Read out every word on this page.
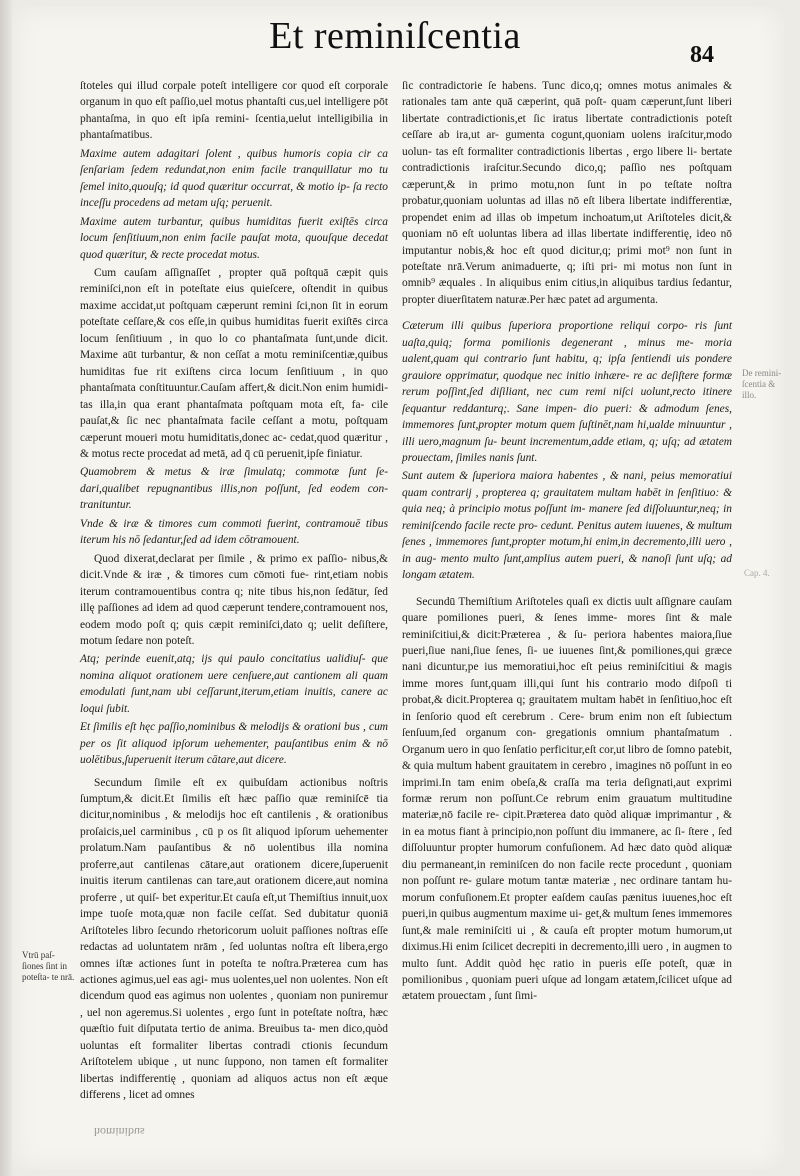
Et reminiſcentia	84

ſtoteles qui illud corpale poteſt intelligere cor quod eſt corporale organum in quo eſt paſſio,uel motus phantaſti cus,uel intelligere pōt phantaſma, in quo eſt ipſa remini- ſcentia,uelut intelligibilia in phantaſmatibus.

Maxime autem adagitari ſolent , quibus humoris copia cir ca ſenſariam ſedem redundat,non enim facile tranquillatur mo tu ſemel inito,quouſq; id quod quæritur occurrat, & motio ip- ſa recto inceſſu procedens ad metam uſq; peruenit.

Maxime autem turbantur, quibus humiditas fuerit exiſtēs circa locum ſenſitiuum,non enim facile pauſat mota, quouſque decedat quod quæritur, & recte procedat motus.

Cum cauſam aſſignaſſet , propter quā poſtquā cæpit quis reminiſci,non eſt in poteſtate eius quieſcere, oſtendit in quibus maxime accidat,ut poſtquam cæperunt remini ſci,non ſit in eorum poteſtate ceſſare,& cos eſſe,in quibus humiditas fuerit exiſtēs circa locum ſenſitiuum , in quo lo co phantaſmata ſunt,unde dicit. Maxime aūt turbantur, & non ceſſat a motu reminiſcentiæ,quibus humiditas fue rit exiſtens circa locum ſenſitiuum , in quo phantaſmata conſtituuntur.Cauſam affert,& dicit.Non enim humidi- tas illa,in qua erant phantaſmata poſtquam mota eſt, fa- cile pauſat,& ſic nec phantaſmata facile ceſſant a motu, poſtquam cæperunt moueri motu humiditatis,donec ac- cedat,quod quæritur , & motus recte procedat ad metā, ad q̄ cū peruenit,ipſe finiatur.

Quamobrem & metus & iræ ſimulatq; commotæ ſunt ſe- dari,qualibet repugnantibus illis,non poſſunt, ſed eodem con- tranituntur.

Vnde & iræ & timores cum commoti fuerint, contramouē tibus iterum his nō ſedantur,ſed ad idem cōtramouent.

Quod dixerat,declarat per ſimile , & primo ex paſſio- nibus,& dicit.Vnde & iræ , & timores cum cōmoti fue- rint,etiam nobis iterum contramouentibus contra q; nite tibus his,non ſedātur, ſed illę paſſiones ad idem ad quod cæperunt tendere,contramouent nos, eodem modo poſt q; quis cæpit reminiſci,dato q; uelit deſiſtere, motum ſedare non poteſt.

Atq; perinde euenit,atq; ijs qui paulo concitatius ualidiuſ- que nomina aliquot orationem uere cenſuere,aut cantionem ali quam emodulati ſunt,nam ubi ceſſarunt,iterum,etiam inuitis, canere ac loqui ſubit.

Et ſimilis eſt hęc paſſio,nominibus & melodijs & orationi bus , cum per os ſit aliquod ipſorum uehementer, pauſantibus enim & nō uolētibus,ſuperuenit iterum cātare,aut dicere.

Secundum ſimile eſt ex quibuſdam actionibus noſtris ſumptum,& dicit.Et ſimilis eſt hæc paſſio quæ reminiſcē tia dicitur,nominibus , & melodijs hoc eſt cantilenis , & orationibus proſaicis,uel carminibus , cū p os ſit aliquod ipſorum uehementer prolatum.Nam pauſantibus & nō uolentibus illa nomina proferre,aut cantilenas cātare,aut orationem dicere,ſuperuenit inuitis iterum cantilenas can tare,aut orationem dicere,aut nomina proferre , ut quiſ- bet experitur.Et cauſa eſt,ut Themiſtius innuit,uox impe tuoſe mota,quæ non facile ceſſat. Sed dubitatur quoniā Ariſtoteles libro ſecundo rhetoricorum uoluit paſſiones noſtras eſſe redactas ad uoluntatem nrām , ſed uoluntas noſtra eſt libera,ergo omnes iſtæ actiones ſunt in poteſta te noſtra.Præterea cum has actiones agimus,uel eas agi- mus uolentes,uel non uolentes. Non eſt dicendum quod eas agimus non uolentes , quoniam non puniremur , uel non ageremus.Si uolentes , ergo ſunt in poteſtate noſtra, hæc quæſtio fuit diſputata tertio de anima. Breuibus ta- men dico,quòd uoluntas eſt formaliter libertas contradi ctionis ſecundum Ariſtotelem ubique , ut nunc ſuppono, non tamen eſt formaliter libertas indifferentię , quoniam ad aliquos actus non eſt æque differens , licet ad omnes

ſic contradictorie ſe habens. Tunc dico,q; omnes motus animales & rationales tam ante quā cæperint, quā poſt- quam cæperunt,ſunt liberi libertate contradictionis,et ſic iratus libertate contradictionis poteſt ceſſare ab ira,ut ar- gumenta cogunt,quoniam uolens iraſcitur,modo uolun- tas eſt formaliter contradictionis libertas , ergo libere li- bertate contradictionis iraſcitur.Secundo dico,q; paſſio nes poſtquam cæperunt,& in primo motu,non ſunt in po teſtate noſtra probatur,quoniam uoluntas ad illas nō eſt libera libertate indifferentiæ, propendet enim ad illas ob impetum inchoatum,ut Ariſtoteles dicit,& quoniam nō eſt uoluntas libera ad illas libertate indifferentię, ideo nō imputantur nobis,& hoc eſt quod dicitur,q; primi mot⁹ non ſunt in poteſtate nrā.Verum animaduerte, q; iſti pri- mi motus non ſunt in omnib⁹ æquales . In aliquibus enim citius,in aliquibus tardius ſedantur, propter diuerſitatem naturæ.Per hæc patet ad argumenta.

Cæterum illi quibus ſuperiora proportione reliqui corpo- ris ſunt uaſta,quiq; forma pomilionis degenerant , minus me- moria ualent,quam qui contrario ſunt habitu, q; ipſa ſentiendi uis pondere grauiore opprimatur, quodque nec initio inhære- re ac deſiſtere formæ rerum poſſint,ſed diſiliant, nec cum remi niſci uolunt,recto itinere ſequantur reddanturq;. Sane impen- dio pueri: & admodum ſenes, immemores ſunt,propter motum quem ſuſtinēt,nam hi,ualde minuuntur , illi uero,magnum ſu- beunt incrementum,adde etiam, q; uſq; ad ætatem prouectam, ſimiles nanis ſunt.

Sunt autem & ſuperiora maiora habentes , & nani, peius memoratiui quam contrarij , propterea q; grauitatem multam habēt in ſenſitiuo: & quia neq; à principio motus poſſunt im- manere ſed diſſoluuntur,neq; in reminiſcendo facile recte pro- cedunt. Penitus autem iuuenes, & multum ſenes , immemores ſunt,propter motum,hi enim,in decremento,illi uero , in aug- mento multo ſunt,amplius autem pueri, & nanoſi ſunt uſq; ad longam ætatem.

Secundū Themiſtium Ariſtoteles quaſi ex dictis uult aſſignare cauſam quare pomiliones pueri, & ſenes imme- mores ſint & male reminiſcitiui,& dicit:Præterea , & ſu- periora habentes maiora,ſiue pueri,ſiue nani,ſiue ſenes, ſi- ue iuuenes ſint,& pomiliones,qui græce nani dicuntur,pe ius memoratiui,hoc eſt peius reminiſcitiui & magis imme mores ſunt,quam illi,qui ſunt his contrario modo diſpoſi ti probat,& dicit.Propterea q; grauitatem multam habēt in ſenſitiuo,hoc eſt in ſenſorio quod eſt cerebrum . Cere- brum enim non eſt ſubiectum ſenſuum,ſed organum con- gregationis omnium phantaſmatum . Organum uero in quo ſenſatio perficitur,eſt cor,ut libro de ſomno patebit, & quia multum habent grauitatem in cerebro , imagines nō poſſunt in eo imprimi.In tam enim obeſa,& craſſa ma teria deſignati,aut exprimi formæ rerum non poſſunt.Ce rebrum enim grauatum multitudine materiæ,nō facile re- cipit.Præterea dato quòd aliquæ imprimantur , & in ea motus fiant à principio,non poſſunt diu immanere, ac ſi- ſtere , ſed diſſoluuntur propter humorum confuſionem. Ad hæc dato quòd aliquæ diu permaneant,in reminiſcen do non facile recte procedunt , quoniam non poſſunt re- gulare motum tantæ materiæ , nec ordinare tantam hu- morum confuſionem.Et propter eaſdem cauſas pænitus iuuenes,hoc eſt pueri,in quibus augmentum maxime ui- get,& multum ſenes immemores ſunt,& male reminiſciti ui , & cauſa eſt propter motum humorum,ut diximus.Hi enim ſcilicet decrepiti in decremento,illi uero , in augmen to multo ſunt. Addit quòd hęc ratio in pueris eſſe poteſt, quæ in pomilionibus , quoniam pueri uſque ad longam ætatem,ſcilicet uſque ad ætatem prouectam , ſunt ſimi-

Vtrū paſ- ſiones ſint in poteſta- te nrā.
De remini- ſcentia & illo.
Cap. 4.
hominibus
